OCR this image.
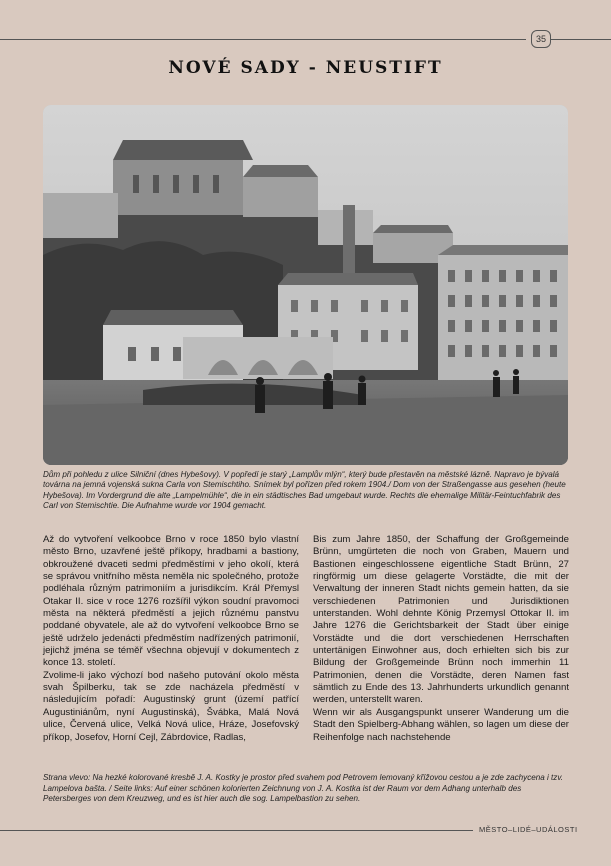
35
NOVÉ SADY - NEUSTIFT
Dům při pohledu z ulice Silniční (dnes Hybešovy). V popředí je starý „Lamplův mlýn“, který bude přestavěn na městské lázně. Napravo je bývalá továrna na jemná vojenská sukna Carla von Stemischtiho. Snímek byl pořízen před rokem 1904./ Dom von der Straßengasse aus gesehen (heute Hybešova). Im Vordergrund die alte „Lampelmühle“, die in ein städtisches Bad umgebaut wurde. Rechts die ehemalige Militär-Feintuchfabrik des Carl von Stemischtie. Die Aufnahme wurde vor 1904 gemacht.

Až do vytvoření velkoobce Brno v roce 1850 bylo vlastní město Brno, uzavřené ještě příkopy, hradbami a bastiony, obkroužené dvaceti sedmi předměstími v jeho okolí, která se správou vnitřního města neměla nic společného, protože podléhala různým patrimoniím a jurisdikcím. Král Přemysl Otakar II. sice v roce 1276 rozšířil výkon soudní pravomoci města na některá předměstí a jejich různému panstvu poddané obyvatele, ale až do vytvoření velkoobce Brno se ještě udrželo jedenácti předměstím nadřízených patrimonií, jejichž jména se téměř všechna objevují v dokumentech z konce 13. století.

Zvolime-li jako výchozí bod našeho putování okolo města svah Špilberku, tak se zde nacházela předměstí v následujícím pořadí: Augustinský grunt (území patřící Augustiniánům, nyní Augustinská), Švábka, Malá Nová ulice, Červená ulice, Velká Nová ulice, Hráze, Josefovský příkop, Josefov, Horní Cejl, Zábrdovice, Radlas,

Bis zum Jahre 1850, der Schaffung der Großgemeinde Brünn, umgürteten die noch von Graben, Mauern und Bastionen eingeschlossene eigentliche Stadt Brünn, 27 ringförmig um diese gelagerte Vorstädte, die mit der Verwaltung der inneren Stadt nichts gemein hatten, da sie verschiedenen Patrimonien und Jurisdiktionen unterstanden. Wohl dehnte König Przemysl Ottokar II. im Jahre 1276 die Gerichtsbarkeit der Stadt über einige Vorstädte und die dort verschiedenen Herrschaften untertänigen Einwohner aus, doch erhielten sich bis zur Bildung der Großgemeinde Brünn noch immerhin 11 Patrimonien, denen die Vorstädte, deren Namen fast sämtlich zu Ende des 13. Jahrhunderts urkundlich genannt werden, unterstellt waren.

Wenn wir als Ausgangspunkt unserer Wanderung um die Stadt den Spielberg-Abhang wählen, so lagen um diese der Reihenfolge nach nachstehende

Strana vlevo: Na hezké kolorované kresbě J. A. Kostky je prostor před svahem pod Petrovem lemovaný křížovou cestou a je zde zachycena i tzv. Lampelova bašta. / Seite links: Auf einer schönen kolorierten Zeichnung von J. A. Kostka ist der Raum vor dem Adhang unterhalb des Petersberges von dem Kreuzweg, und es ist hier auch die sog. Lampelbastion zu sehen.
MĚSTO–LIDÉ–UDÁLOSTI
